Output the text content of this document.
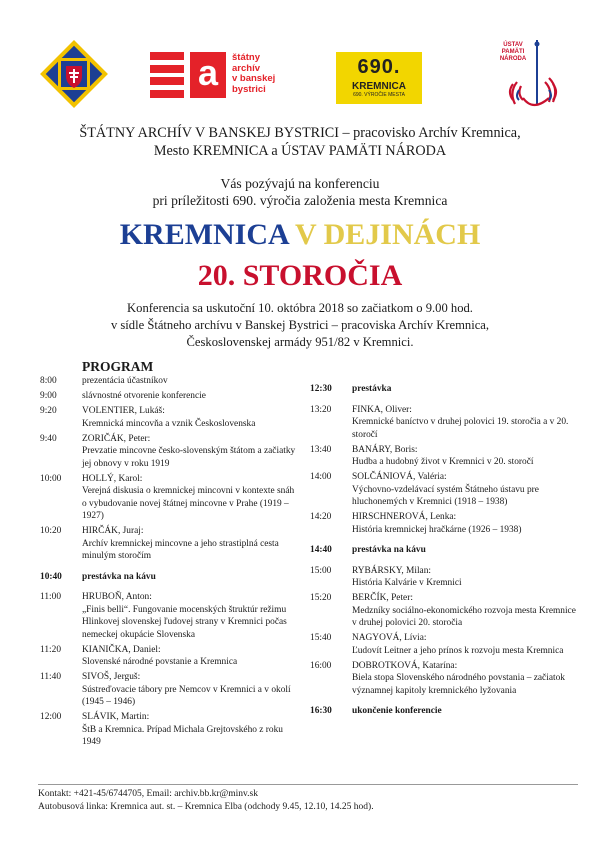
a	štátny
archív
v banskej
bystrici
690.
KREMNICA
690. VÝROČIE MESTA
ÚSTAV
PAMÄTI
NÁRODA
ŠTÁTNY ARCHÍV V BANSKEJ BYSTRICI – pracovisko Archív Kremnica,
Mesto KREMNICA a ÚSTAV PAMÄTI NÁRODA
Vás pozývajú na konferenciu
pri príležitosti 690. výročia založenia mesta Kremnica
KREMNICA V DEJINÁCH
20. STOROČIA
Konferencia sa uskutoční 10. októbra 2018 so začiatkom o 9.00 hod.
v sídle Štátneho archívu v Banskej Bystrici – pracoviska Archív Kremnica,
Československej armády 951/82 v Kremnici.
PROGRAM
8:00	prezentácia účastníkov
9:00	slávnostné otvorenie konferencie
9:20	VOLENTIER, Lukáš:
Kremnická mincovňa a vznik Československa
9:40	ZORIČÁK, Peter:
Prevzatie mincovne česko-slovenským štátom a začiatky jej obnovy v roku 1919
10:00 HOLLÝ, Karol:
Verejná diskusia o kremnickej mincovni v kontexte snáh o vybudovanie novej štátnej mincovne v Prahe (1919 – 1927)
10:20 HIRČÁK, Juraj:
Archív kremnickej mincovne a jeho strastiplná cesta minulým storočím
10:40 prestávka na kávu
11:00 HRUBOŇ, Anton:
„Finis belli“. Fungovanie mocenských štruktúr režimu Hlinkovej slovenskej ľudovej strany v Kremnici počas nemeckej okupácie Slovenska
11:20 KIANIČKA, Daniel:
Slovenské národné povstanie a Kremnica
11:40 SIVOŠ, Jerguš:
Sústreďovacie tábory pre Nemcov v Kremnici a v okolí (1945 – 1946)
12:00 SLÁVIK, Martin:
ŠtB a Kremnica. Prípad Michala Grejtovského z roku 1949
12:30 prestávka
13:20 FINKA, Oliver:
Kremnické baníctvo v druhej polovici 19. storočia a v 20. storočí
13:40 BANÁRY, Boris:
Hudba a hudobný život v Kremnici v 20. storočí
14:00 SOLČÁNIOVÁ, Valéria:
Výchovno-vzdelávací systém Štátneho ústavu pre hluchonemých v Kremnici (1918 – 1938)
14:20 HIRSCHNEROVÁ, Lenka:
História kremnickej hračkárne (1926 – 1938)
14:40 prestávka na kávu
15:00 RYBÁRSKY, Milan:
História Kalvárie v Kremnici
15:20 BERČÍK, Peter:
Medzníky sociálno-ekonomického rozvoja mesta Kremnice v druhej polovici 20. storočia
15:40 NAGYOVÁ, Lívia:
Ľudovít Leitner a jeho prínos k rozvoju mesta Kremnica
16:00 DOBROTKOVÁ, Katarína:
Biela stopa Slovenského národného povstania – začiatok významnej kapitoly kremnického lyžovania
16:30 ukončenie konferencie
Kontakt: +421-45/6744705, Email: archiv.bb.kr@minv.sk
Autobusová linka: Kremnica aut. st. – Kremnica Elba (odchody 9.45, 12.10, 14.25 hod).
